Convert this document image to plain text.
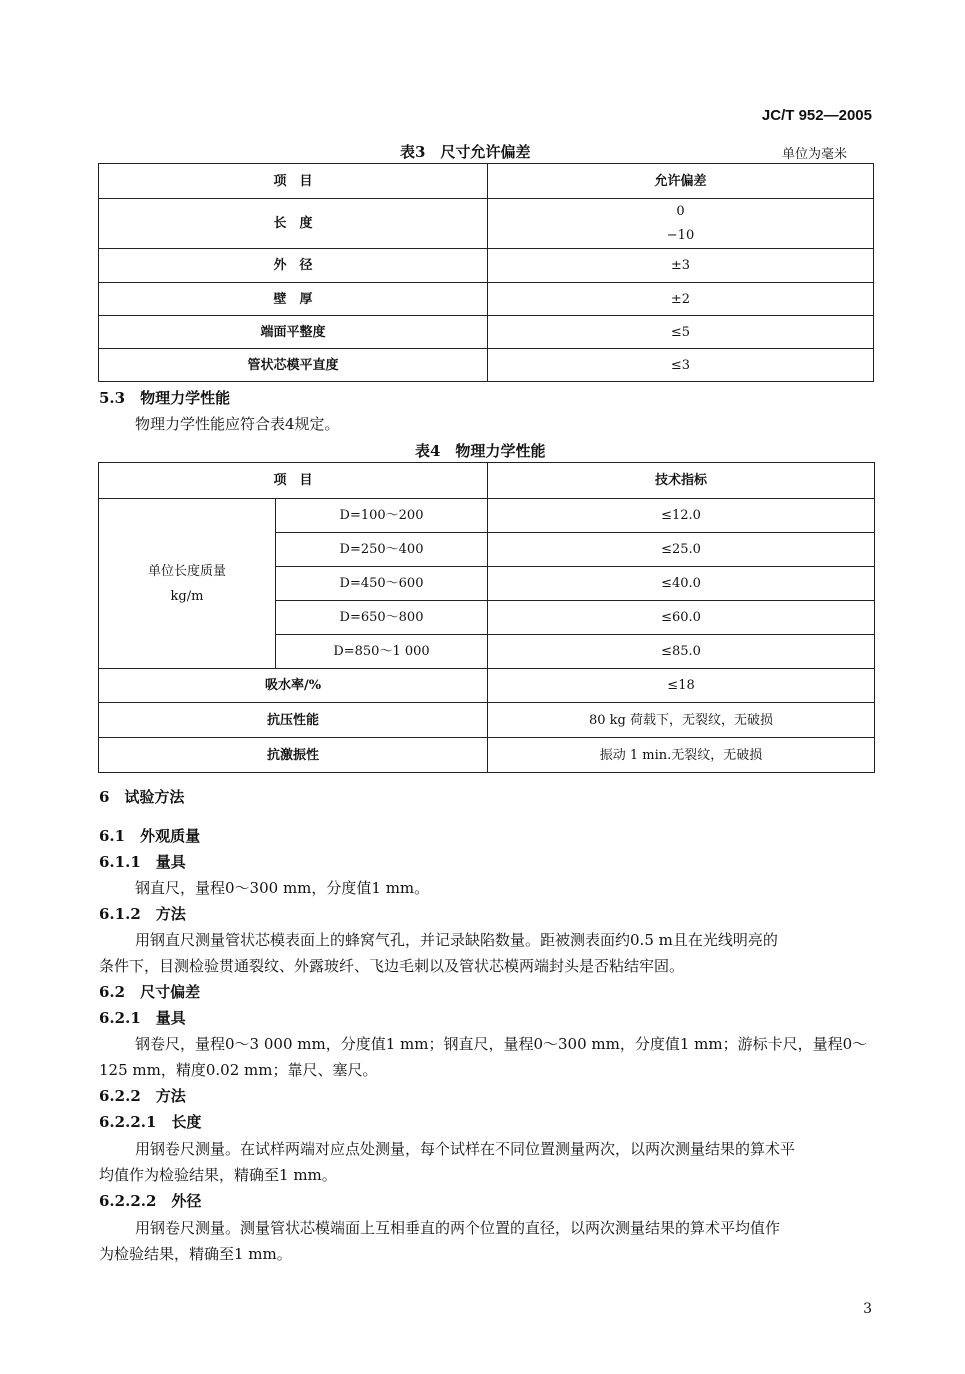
JC/T 952—2005
表3　尺寸允许偏差	单位为毫米
项　目	允许偏差
长　度	0
−10

外　径	±3
壁　厚	±2
端面平整度	≤5
管状芯模平直度	≤3
5.3　物理力学性能
物理力学性能应符合表4规定。
表4　物理力学性能
项　目		技术指标

单位长度质量
kg/m	D=100～200	≤12.0
	D=250～400	≤25.0
	D=450～600	≤40.0
	D=650～800	≤60.0
	D=850～1 000	≤85.0
吸水率/%		≤18
抗压性能		80 kg 荷载下，无裂纹，无破损
抗激振性		振动 1 min.无裂纹，无破损
6　试验方法
6.1　外观质量
6.1.1　量具
钢直尺，量程0～300 mm，分度值1 mm。
6.1.2　方法
用钢直尺测量管状芯模表面上的蜂窝气孔，并记录缺陷数量。距被测表面约0.5 m且在光线明亮的
条件下，目测检验贯通裂纹、外露玻纤、飞边毛刺以及管状芯模两端封头是否粘结牢固。
6.2　尺寸偏差
6.2.1　量具
钢卷尺，量程0～3 000 mm，分度值1 mm；钢直尺，量程0～300 mm，分度值1 mm；游标卡尺，量程0～
125 mm，精度0.02 mm；靠尺、塞尺。
6.2.2　方法
6.2.2.1　长度
用钢卷尺测量。在试样两端对应点处测量，每个试样在不同位置测量两次，以两次测量结果的算术平
均值作为检验结果，精确至1 mm。
6.2.2.2　外径
用钢卷尺测量。测量管状芯模端面上互相垂直的两个位置的直径，以两次测量结果的算术平均值作
为检验结果，精确至1 mm。
3
